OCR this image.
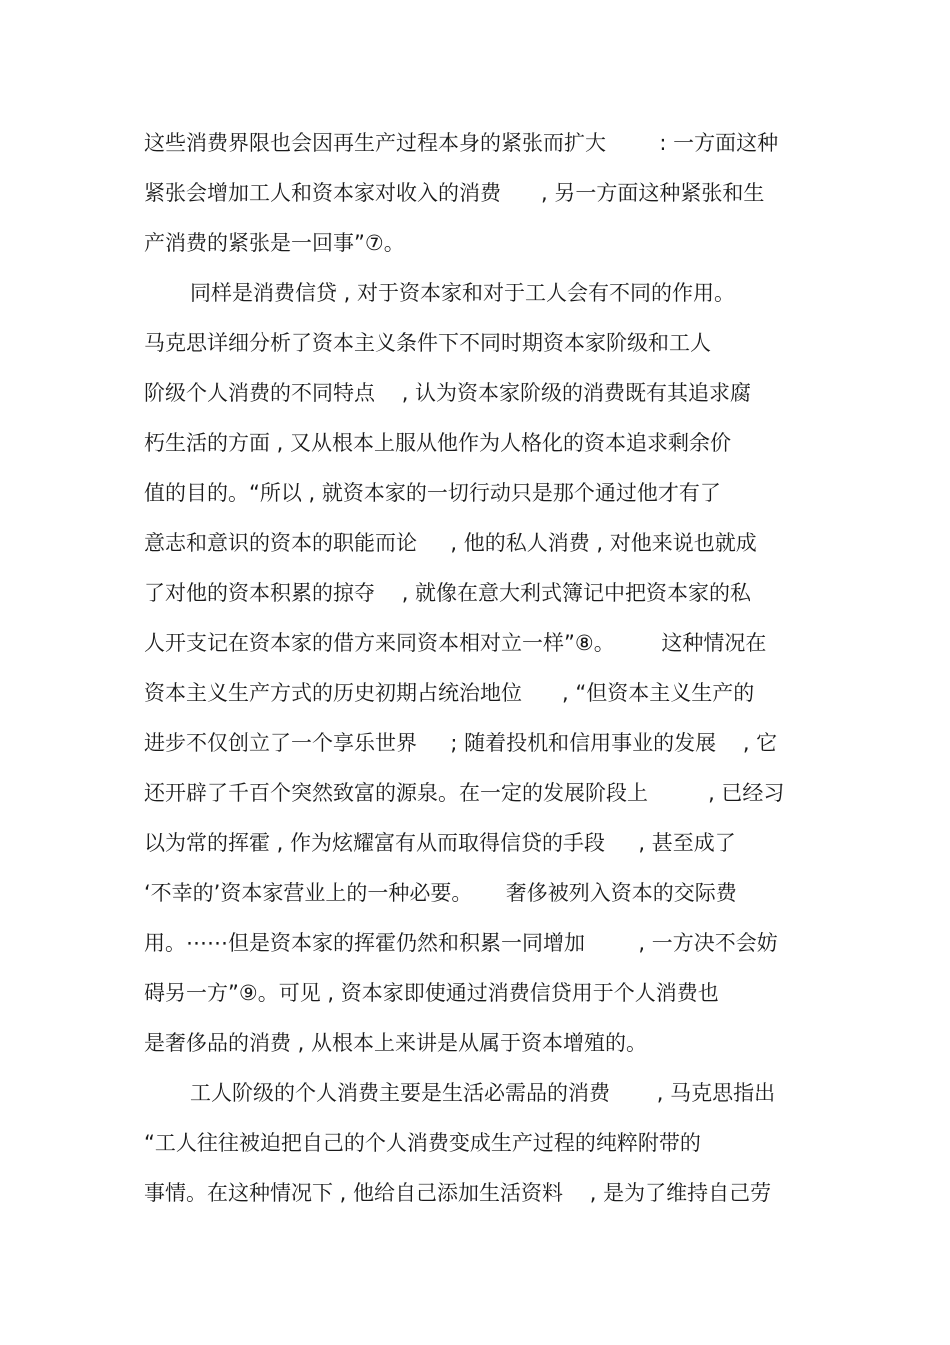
这些消费界限也会因再生产过程本身的紧张而扩大        : 一方面这种
紧张会增加工人和资本家对收入的消费      , 另一方面这种紧张和生
产消费的紧张是一回事”⑦。
同样是消费信贷 , 对于资本家和对于工人会有不同的作用。
马克思详细分析了资本主义条件下不同时期资本家阶级和工人
阶级个人消费的不同特点    , 认为资本家阶级的消费既有其追求腐
朽生活的方面 , 又从根本上服从他作为人格化的资本追求剩余价
值的目的。“所以 , 就资本家的一切行动只是那个通过他才有了
意志和意识的资本的职能而论     , 他的私人消费 , 对他来说也就成
了对他的资本积累的掠夺    , 就像在意大利式簿记中把资本家的私
人开支记在资本家的借方来同资本相对立一样”⑧。       这种情况在
资本主义生产方式的历史初期占统治地位      , “但资本主义生产的
进步不仅创立了一个享乐世界     ; 随着投机和信用事业的发展    , 它
还开辟了千百个突然致富的源泉。在一定的发展阶段上         , 已经习
以为常的挥霍 , 作为炫耀富有从而取得信贷的手段     , 甚至成了
‘不幸的’资本家营业上的一种必要。     奢侈被列入资本的交际费
用。⋯⋯但是资本家的挥霍仍然和积累一同增加        , 一方决不会妨
碍另一方”⑨。可见 , 资本家即使通过消费信贷用于个人消费也
是奢侈品的消费 , 从根本上来讲是从属于资本增殖的。
工人阶级的个人消费主要是生活必需品的消费       , 马克思指出
“工人往往被迫把自己的个人消费变成生产过程的纯粹附带的
事情。在这种情况下 , 他给自己添加生活资料    , 是为了维持自己劳
